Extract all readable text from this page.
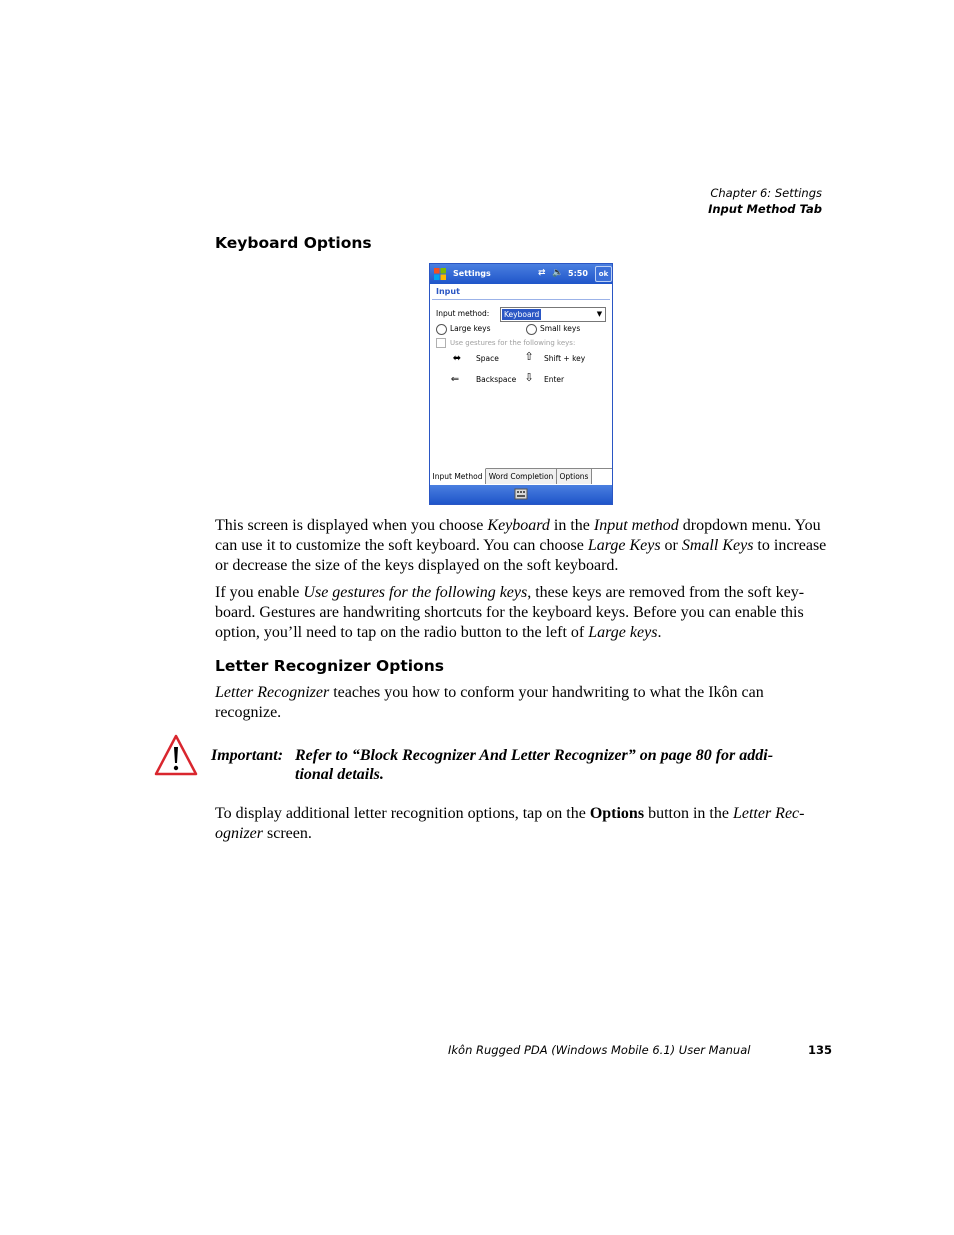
Chapter 6: Settings
Input Method Tab
Keyboard Options
Settings	⇄ 🔈 5:50	ok
Input
Input method: Keyboard	▼
Large keys	Small keys
Use gestures for the following keys:
⬌	Space ⇧	Shift + key
⇐	Backspace ⇩	Enter
Input Method Word Completion Options
This screen is displayed when you choose Keyboard in the Input method dropdown menu. You can use it to customize the soft keyboard. You can choose Large Keys or Small Keys to increase or decrease the size of the keys displayed on the soft keyboard.
If you enable Use gestures for the following keys, these keys are removed from the soft key-board. Gestures are handwriting shortcuts for the keyboard keys. Before you can enable this option, you’ll need to tap on the radio button to the left of Large keys.
Letter Recognizer Options
Letter Recognizer teaches you how to conform your handwriting to what the Ikôn can recognize.
Important: Refer to “Block Recognizer And Letter Recognizer” on page 80 for addi-tional details.
To display additional letter recognition options, tap on the Options button in the Letter Rec-ognizer screen.
Ikôn Rugged PDA (Windows Mobile 6.1) User Manual	135
